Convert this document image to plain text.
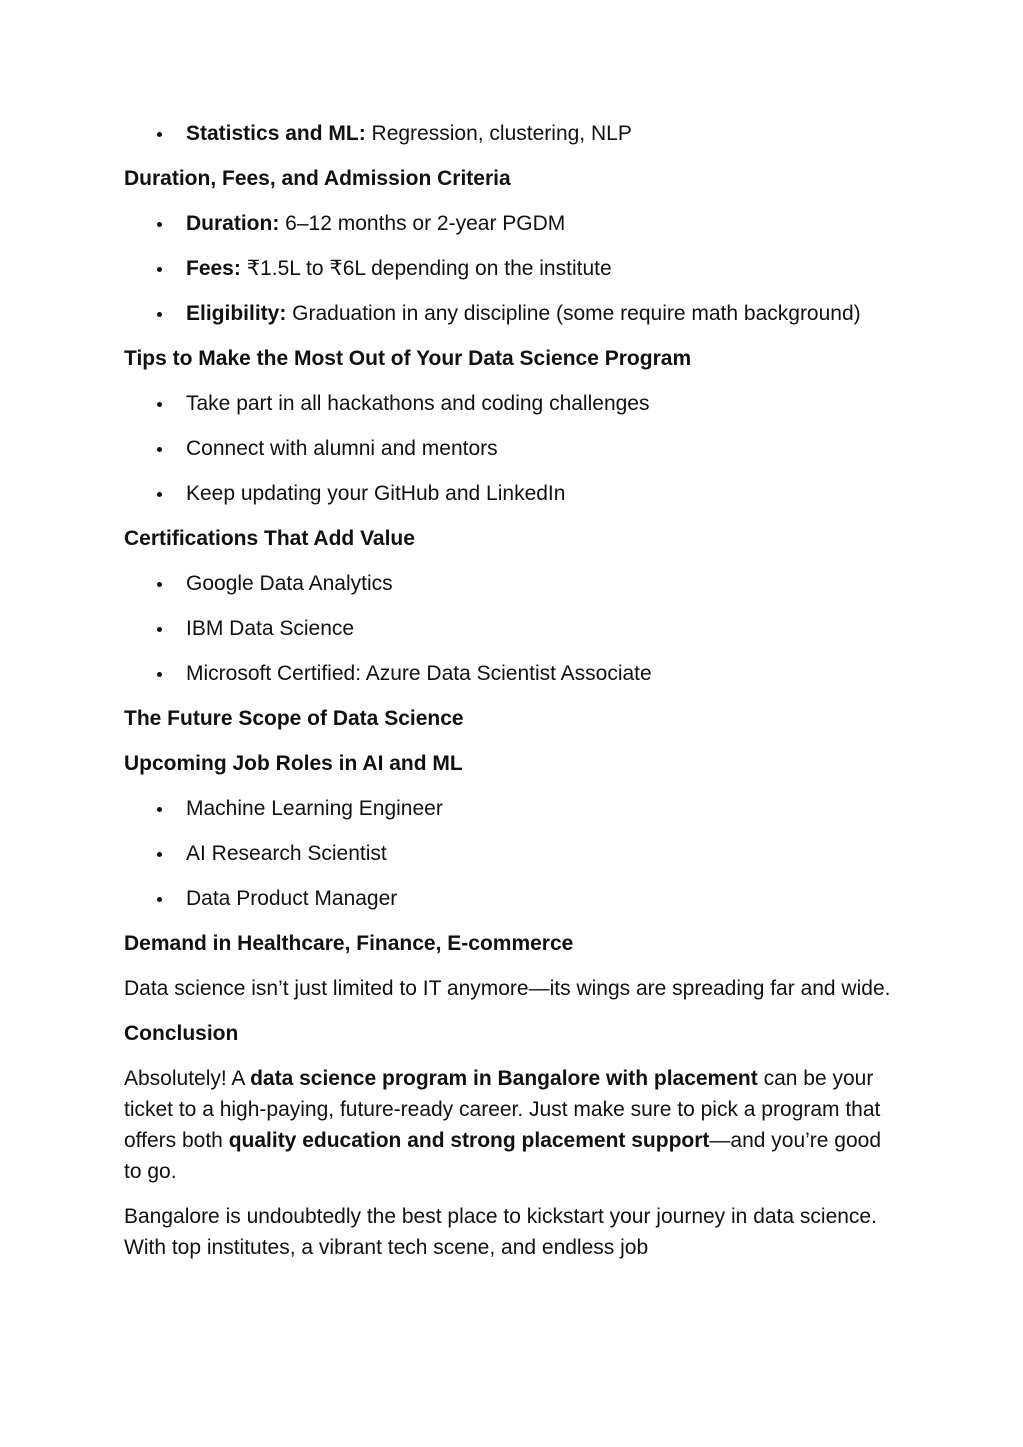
Statistics and ML: Regression, clustering, NLP
Duration, Fees, and Admission Criteria
Duration: 6–12 months or 2-year PGDM
Fees: ₹1.5L to ₹6L depending on the institute
Eligibility: Graduation in any discipline (some require math background)
Tips to Make the Most Out of Your Data Science Program
Take part in all hackathons and coding challenges
Connect with alumni and mentors
Keep updating your GitHub and LinkedIn
Certifications That Add Value
Google Data Analytics
IBM Data Science
Microsoft Certified: Azure Data Scientist Associate
The Future Scope of Data Science
Upcoming Job Roles in AI and ML
Machine Learning Engineer
AI Research Scientist
Data Product Manager
Demand in Healthcare, Finance, E-commerce

Data science isn’t just limited to IT anymore—its wings are spreading far and wide.

Conclusion

Absolutely! A data science program in Bangalore with placement can be your ticket to a high-paying, future-ready career. Just make sure to pick a program that offers both quality education and strong placement support—and you’re good to go.

Bangalore is undoubtedly the best place to kickstart your journey in data science. With top institutes, a vibrant tech scene, and endless job
